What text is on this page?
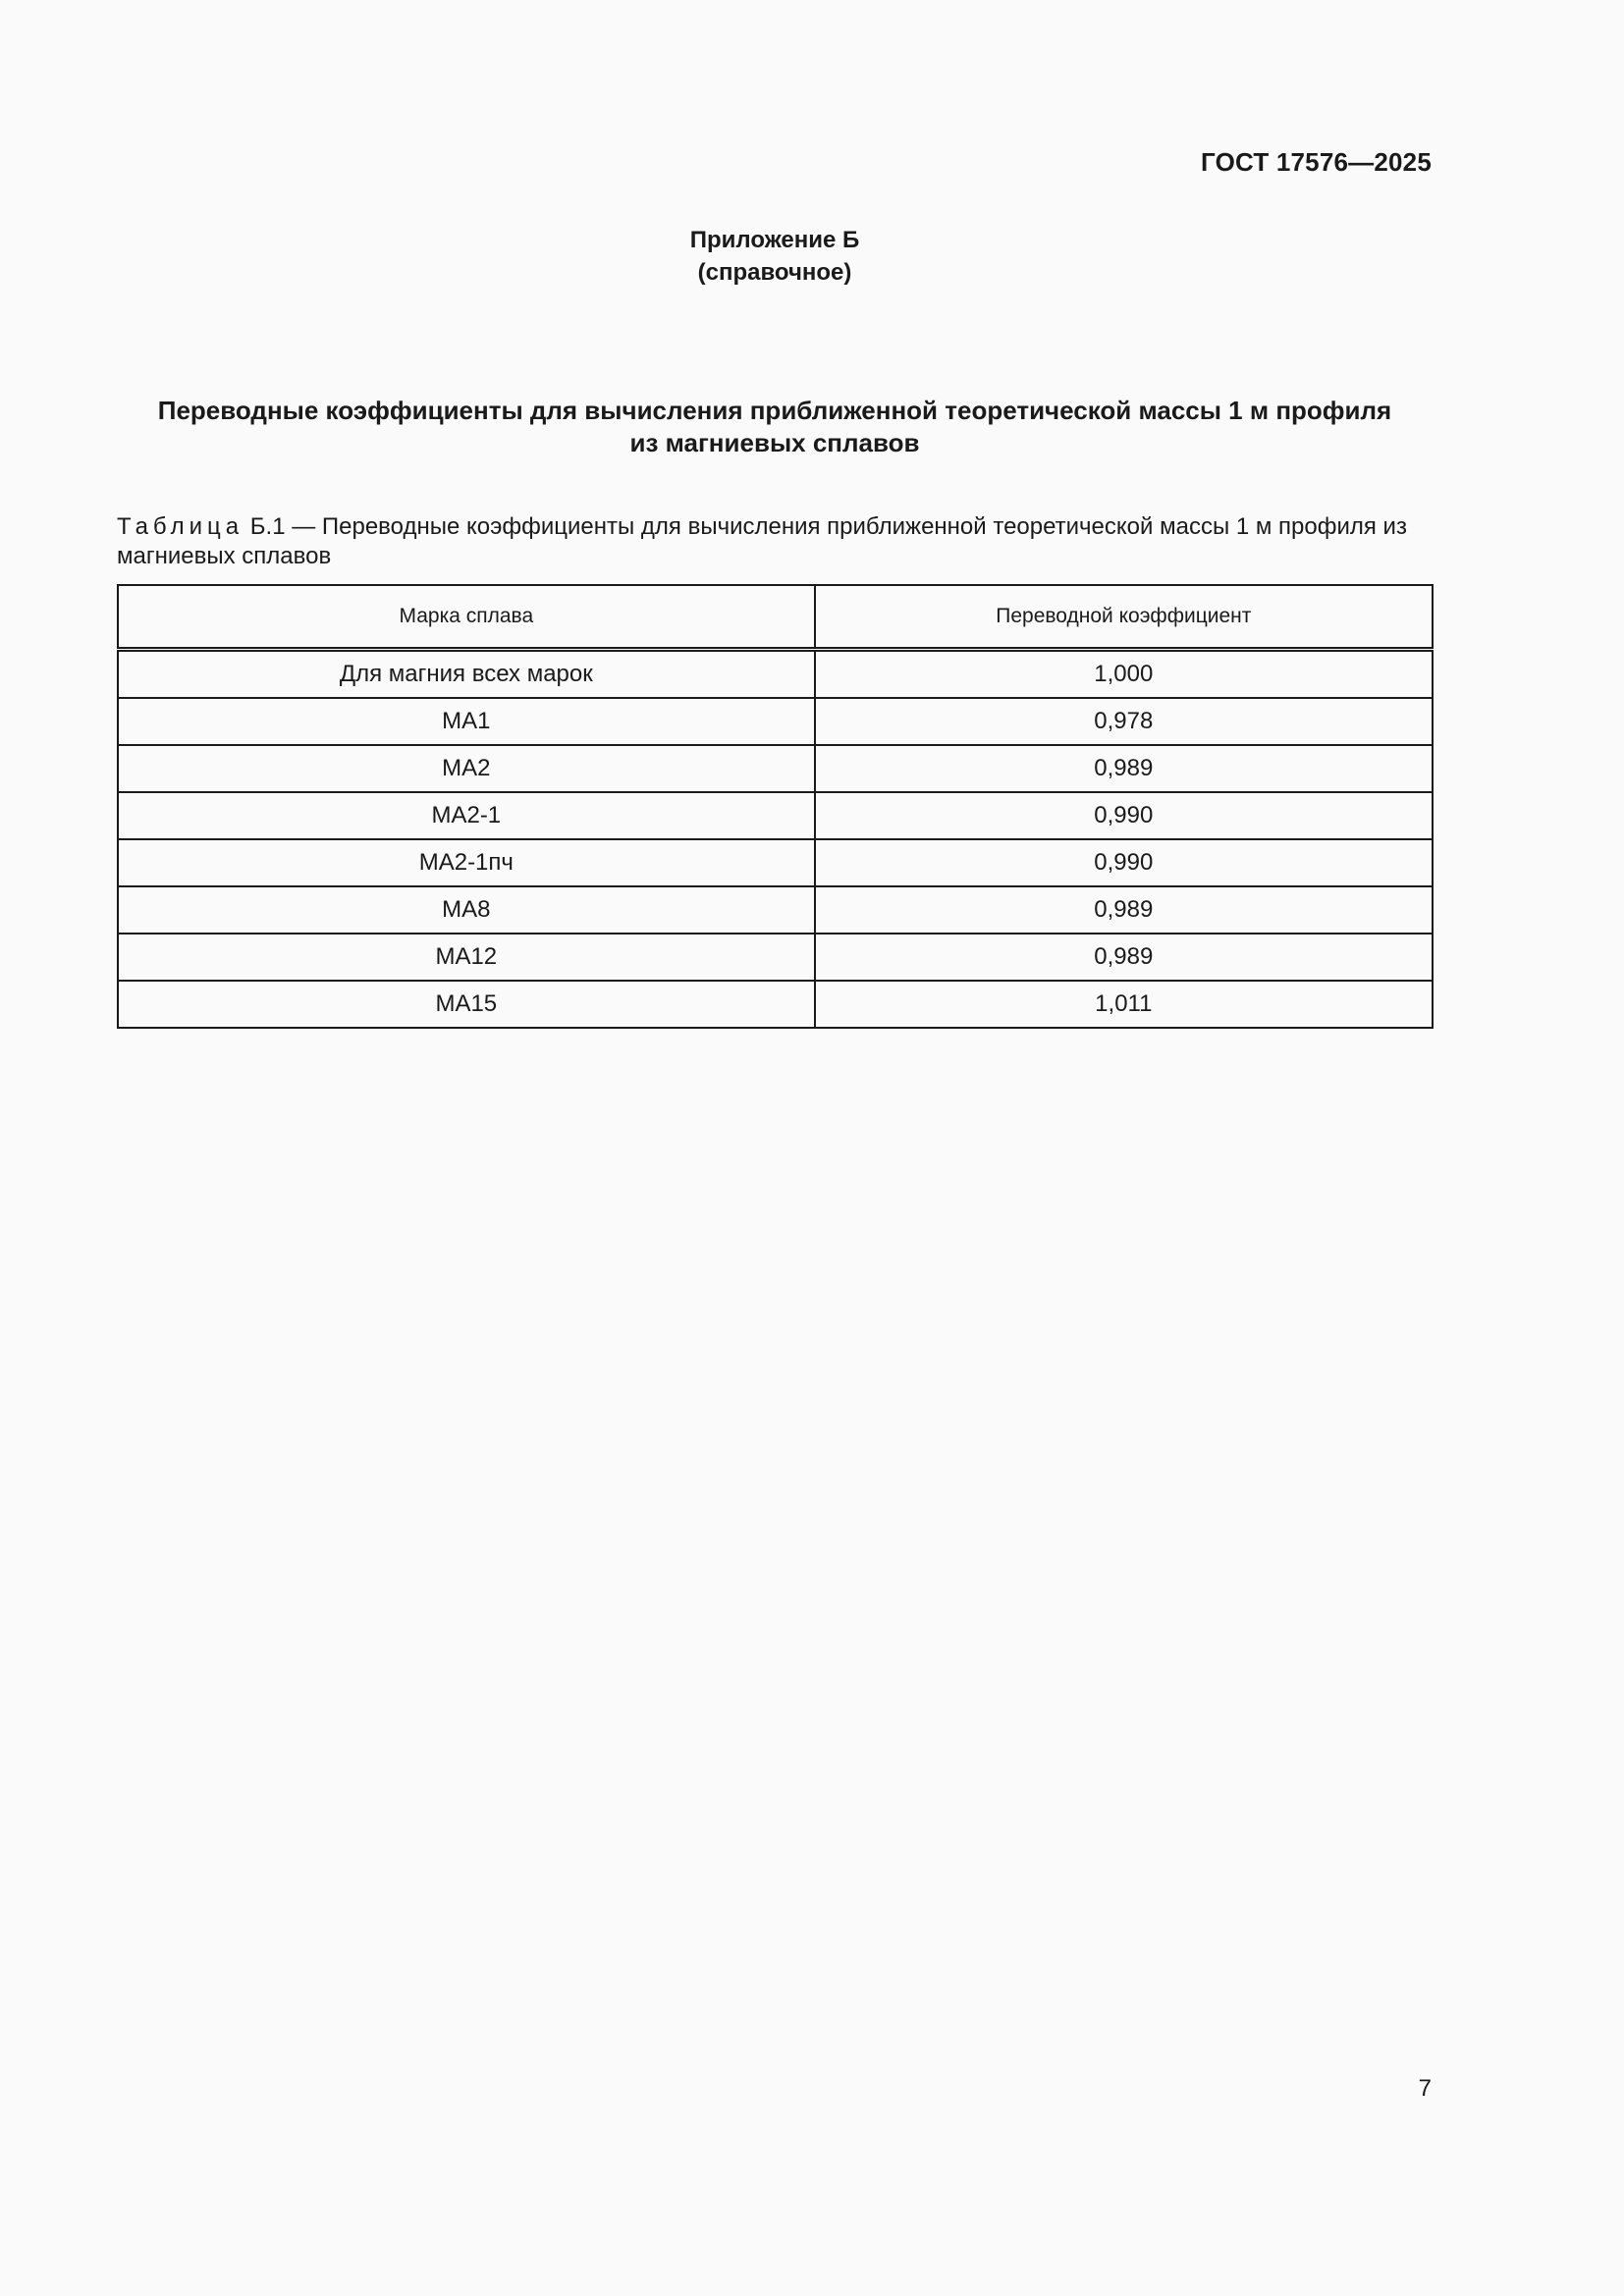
ГОСТ 17576—2025
Приложение Б
(справочное)
Переводные коэффициенты для вычисления приближенной теоретической массы 1 м профиля из магниевых сплавов
Таблица Б.1 — Переводные коэффициенты для вычисления приближенной теоретической массы 1 м профиля из магниевых сплавов
Марка сплава	Переводной коэффициент
Для магния всех марок	1,000
МА1	0,978
МА2	0,989
МА2-1	0,990
МА2-1пч	0,990
МА8	0,989
МА12	0,989
МА15	1,011
7
